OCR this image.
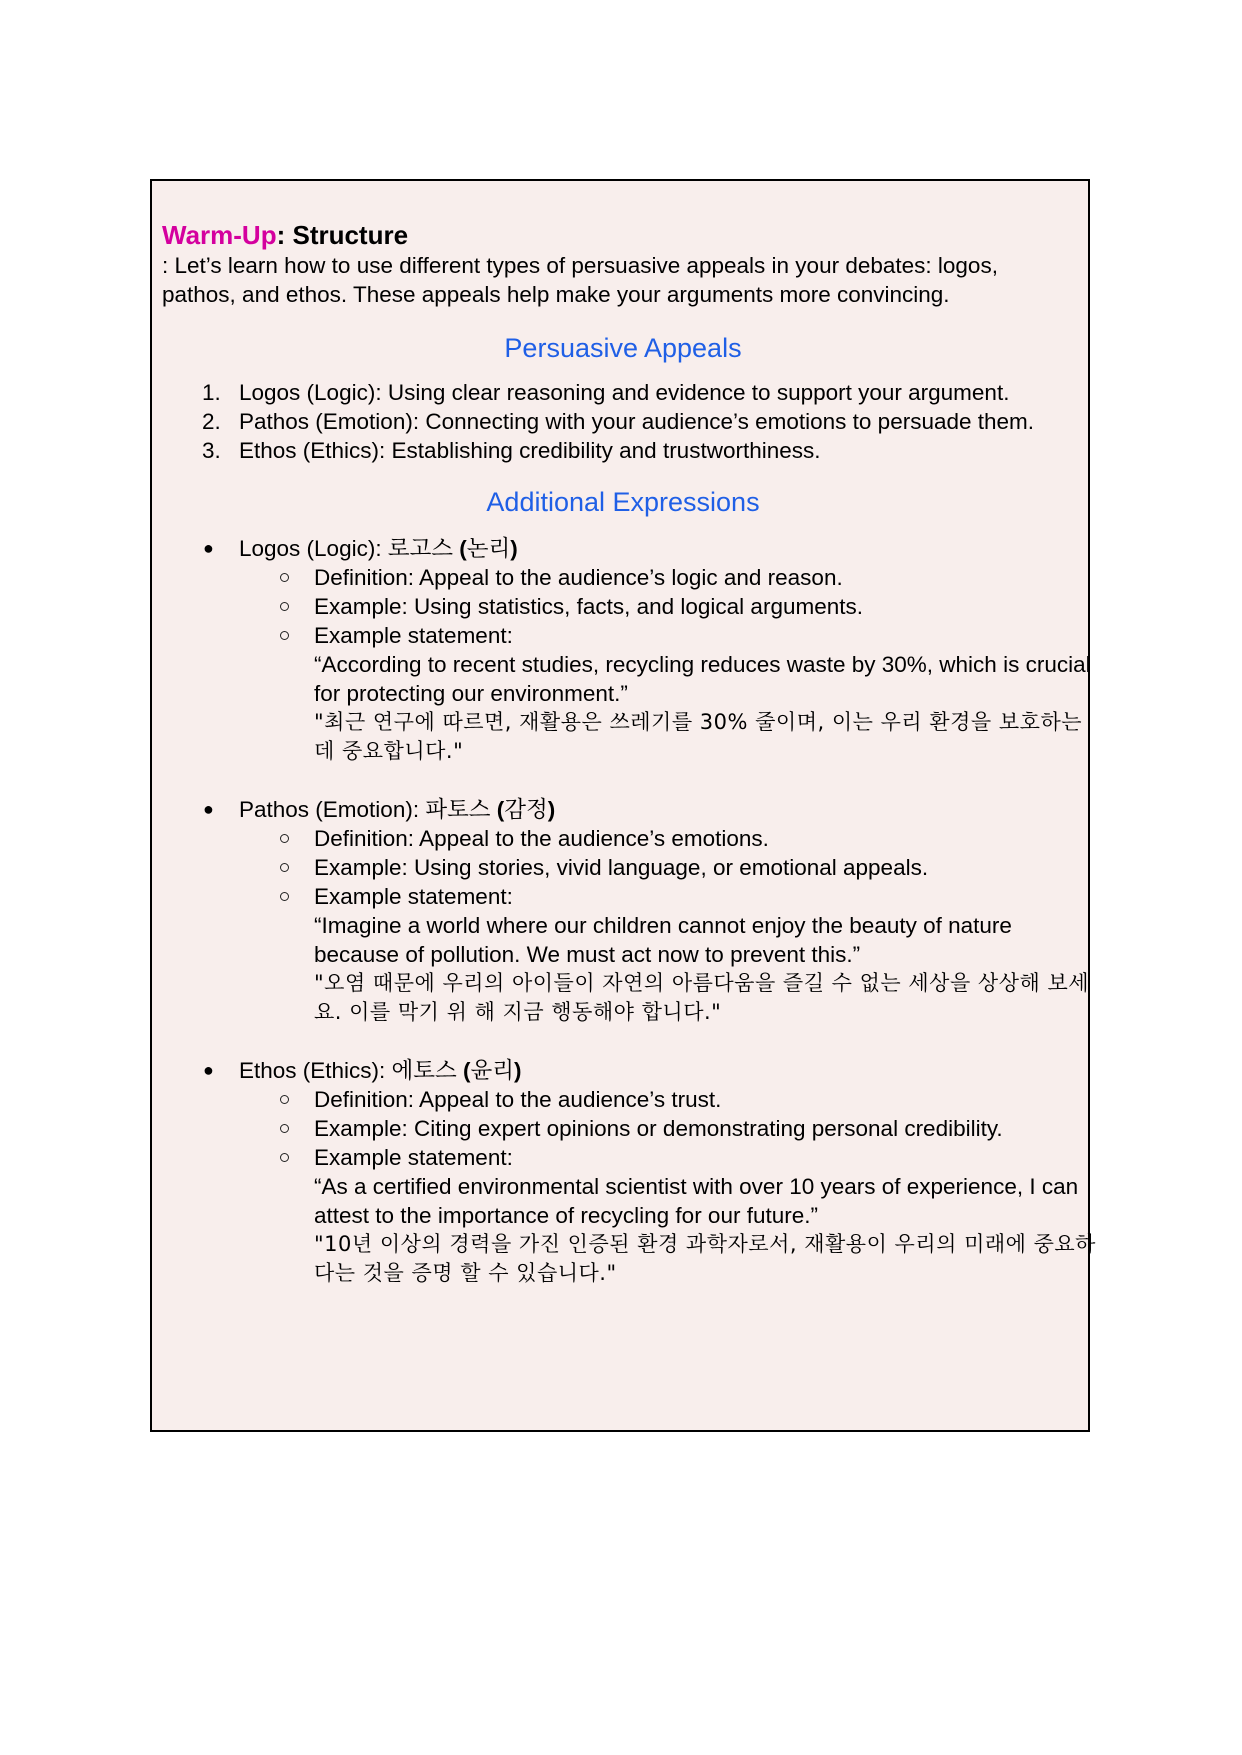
Warm-Up: Structure

: Let’s learn how to use different types of persuasive appeals in your debates: logos, pathos, and ethos. These appeals help make your arguments more convincing.

Persuasive Appeals
1. Logos (Logic): Using clear reasoning and evidence to support your argument.
2. Pathos (Emotion): Connecting with your audience’s emotions to persuade them.
3. Ethos (Ethics): Establishing credibility and trustworthiness.
Additional Expressions
● Logos (Logic): 로고스 (논리)
Definition: Appeal to the audience’s logic and reason.
Example: Using statistics, facts, and logical arguments.
Example statement:
“According to recent studies, recycling reduces waste by 30%, which is crucial for protecting our environment.”
"최근 연구에 따르면, 재활용은 쓰레기를 30% 줄이며, 이는 우리 환경을 보호하는 데 중요합니다."
● Pathos (Emotion): 파토스 (감정)
Definition: Appeal to the audience’s emotions.
Example: Using stories, vivid language, or emotional appeals.
Example statement:
“Imagine a world where our children cannot enjoy the beauty of nature because of pollution. We must act now to prevent this.”
"오염 때문에 우리의 아이들이 자연의 아름다움을 즐길 수 없는 세상을 상상해 보세요. 이를 막기 위 해 지금 행동해야 합니다."
● Ethos (Ethics): 에토스 (윤리)
Definition: Appeal to the audience’s trust.
Example: Citing expert opinions or demonstrating personal credibility.
Example statement:
“As a certified environmental scientist with over 10 years of experience, I can attest to the importance of recycling for our future.”
"10년 이상의 경력을 가진 인증된 환경 과학자로서, 재활용이 우리의 미래에 중요하다는 것을 증명 할 수 있습니다."
